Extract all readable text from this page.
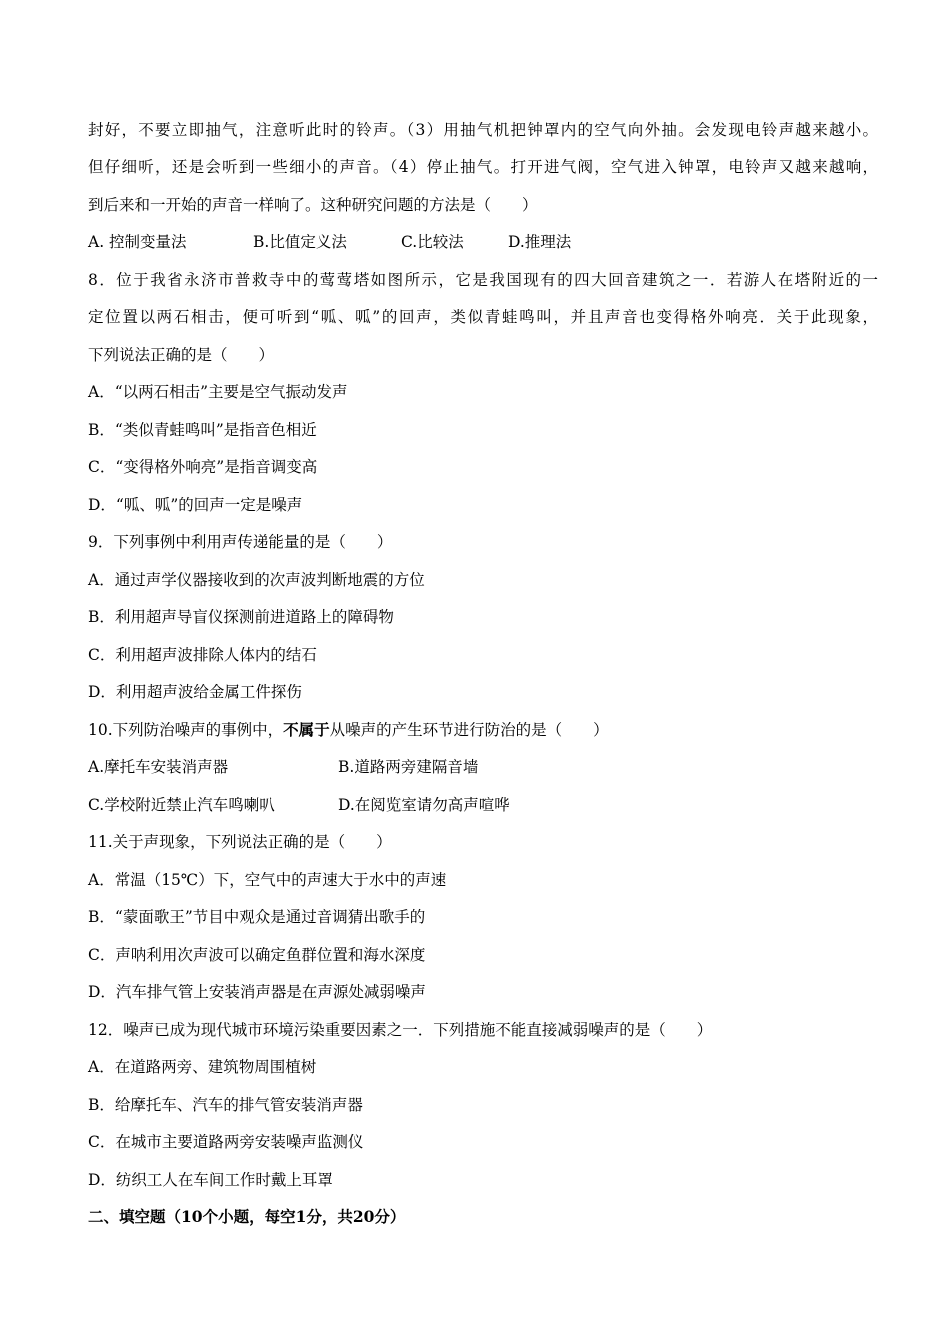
封好，不要立即抽气，注意听此时的铃声。（3）用抽气机把钟罩内的空气向外抽。会发现电铃声越来越小。
但仔细听，还是会听到一些细小的声音。（4）停止抽气。打开进气阀，空气进入钟罩，电铃声又越来越响，
到后来和一开始的声音一样响了。这种研究问题的方法是（　　）
A. 控制变量法	B.比值定义法	C.比较法	D.推理法
8．位于我省永济市普救寺中的莺莺塔如图所示，它是我国现有的四大回音建筑之一．若游人在塔附近的一
定位置以两石相击，便可听到“呱、呱”的回声，类似青蛙鸣叫，并且声音也变得格外响亮．关于此现象，
下列说法正确的是（　　）
A．“以两石相击”主要是空气振动发声
B．“类似青蛙鸣叫”是指音色相近
C．“变得格外响亮”是指音调变高
D．“呱、呱”的回声一定是噪声
9．下列事例中利用声传递能量的是（　　）
A．通过声学仪器接收到的次声波判断地震的方位
B．利用超声导盲仪探测前进道路上的障碍物
C．利用超声波排除人体内的结石
D．利用超声波给金属工件探伤
10.下列防治噪声的事例中，不属于从噪声的产生环节进行防治的是（　　）
A.摩托车安装消声器	B.道路两旁建隔音墙
C.学校附近禁止汽车鸣喇叭	D.在阅览室请勿高声喧哗
11.关于声现象，下列说法正确的是（　　）
A．常温（15℃）下，空气中的声速大于水中的声速
B．“蒙面歌王”节目中观众是通过音调猜出歌手的
C．声呐利用次声波可以确定鱼群位置和海水深度
D．汽车排气管上安装消声器是在声源处减弱噪声
12．噪声已成为现代城市环境污染重要因素之一．下列措施不能直接减弱噪声的是（　　）
A．在道路两旁、建筑物周围植树
B．给摩托车、汽车的排气管安装消声器
C．在城市主要道路两旁安装噪声监测仪
D．纺织工人在车间工作时戴上耳罩
二、填空题（10个小题，每空1分，共20分）
